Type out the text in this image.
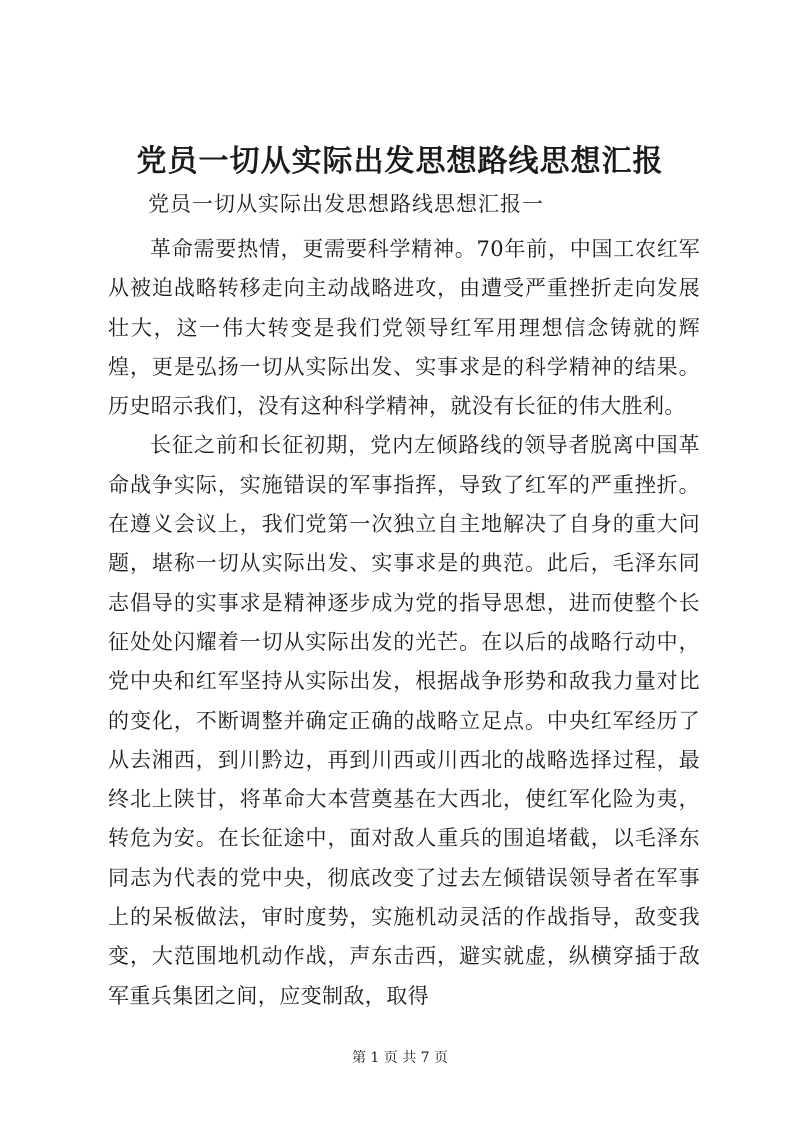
党员一切从实际出发思想路线思想汇报
党员一切从实际出发思想路线思想汇报一

革命需要热情，更需要科学精神。70年前，中国工农红军从被迫战略转移走向主动战略进攻，由遭受严重挫折走向发展壮大，这一伟大转变是我们党领导红军用理想信念铸就的辉煌，更是弘扬一切从实际出发、实事求是的科学精神的结果。历史昭示我们，没有这种科学精神，就没有长征的伟大胜利。

长征之前和长征初期，党内左倾路线的领导者脱离中国革命战争实际，实施错误的军事指挥，导致了红军的严重挫折。在遵义会议上，我们党第一次独立自主地解决了自身的重大问题，堪称一切从实际出发、实事求是的典范。此后，毛泽东同志倡导的实事求是精神逐步成为党的指导思想，进而使整个长征处处闪耀着一切从实际出发的光芒。在以后的战略行动中，党中央和红军坚持从实际出发，根据战争形势和敌我力量对比的变化，不断调整并确定正确的战略立足点。中央红军经历了从去湘西，到川黔边，再到川西或川西北的战略选择过程，最终北上陕甘，将革命大本营奠基在大西北，使红军化险为夷，转危为安。在长征途中，面对敌人重兵的围追堵截，以毛泽东同志为代表的党中央，彻底改变了过去左倾错误领导者在军事上的呆板做法，审时度势，实施机动灵活的作战指导，敌变我变，大范围地机动作战，声东击西，避实就虚，纵横穿插于敌军重兵集团之间，应变制敌，取得

第 1 页 共 7 页
